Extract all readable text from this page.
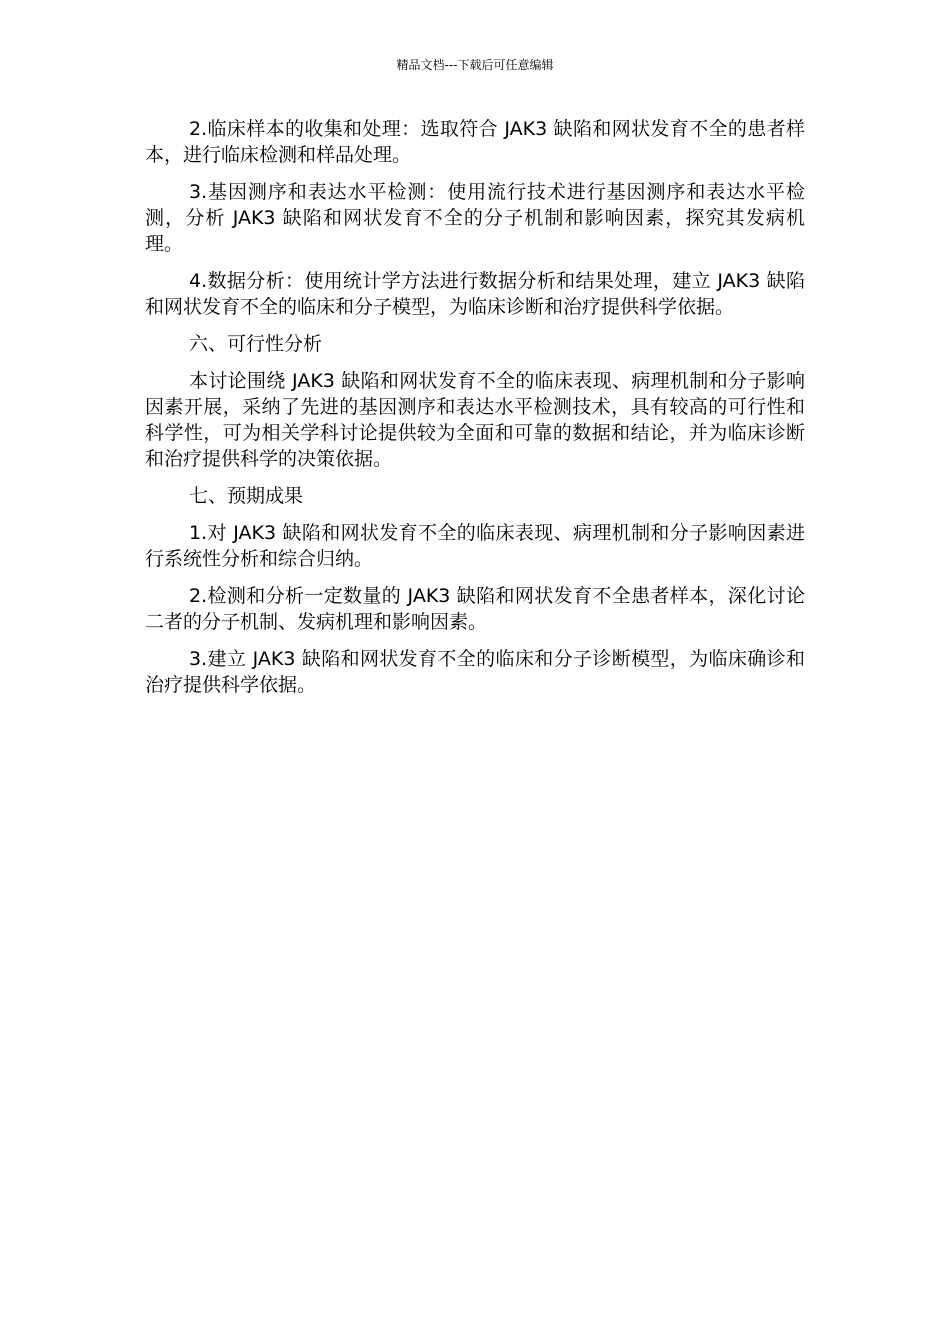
精品文档---下载后可任意编辑

2.临床样本的收集和处理：选取符合 JAK3 缺陷和网状发育不全的患者样本，进行临床检测和样品处理。

3.基因测序和表达水平检测：使用流行技术进行基因测序和表达水平检测，分析 JAK3 缺陷和网状发育不全的分子机制和影响因素，探究其发病机理。

4.数据分析：使用统计学方法进行数据分析和结果处理，建立 JAK3 缺陷和网状发育不全的临床和分子模型，为临床诊断和治疗提供科学依据。

六、可行性分析

本讨论围绕 JAK3 缺陷和网状发育不全的临床表现、病理机制和分子影响因素开展，采纳了先进的基因测序和表达水平检测技术，具有较高的可行性和科学性，可为相关学科讨论提供较为全面和可靠的数据和结论，并为临床诊断和治疗提供科学的决策依据。

七、预期成果

1.对 JAK3 缺陷和网状发育不全的临床表现、病理机制和分子影响因素进行系统性分析和综合归纳。

2.检测和分析一定数量的 JAK3 缺陷和网状发育不全患者样本，深化讨论二者的分子机制、发病机理和影响因素。

3.建立 JAK3 缺陷和网状发育不全的临床和分子诊断模型，为临床确诊和治疗提供科学依据。
